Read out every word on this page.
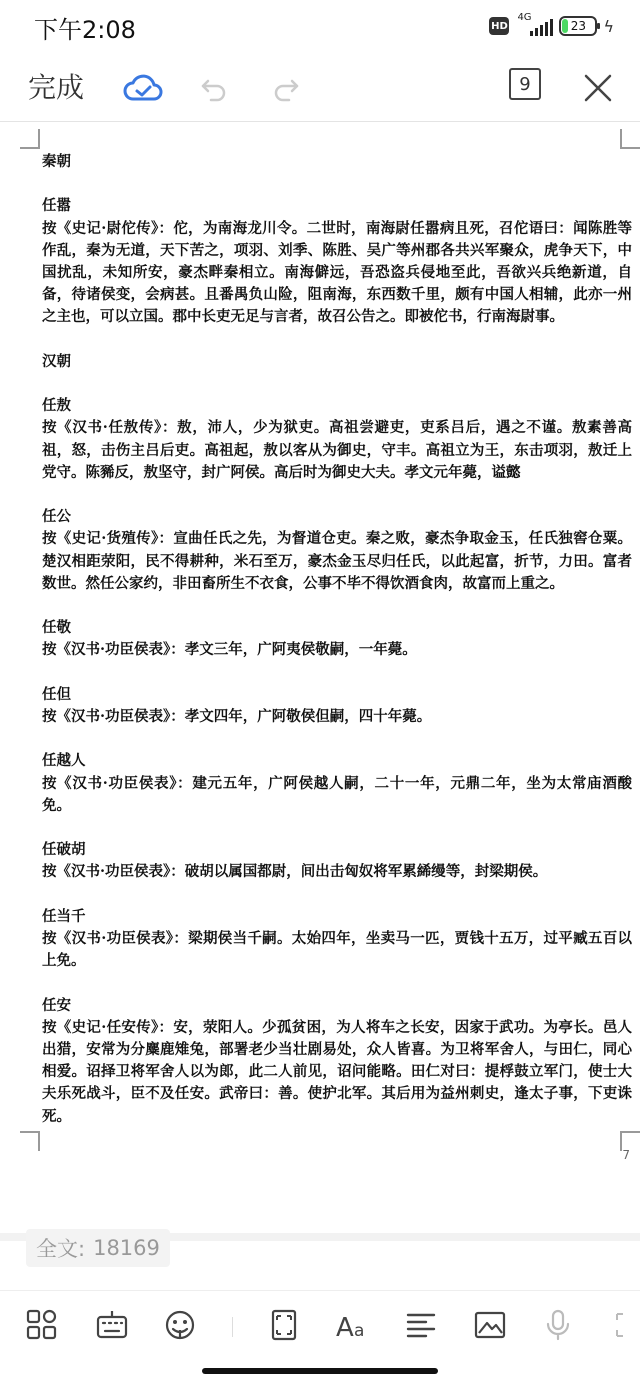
下午2:08	HD
4G
23 ϟ
完成	9
秦朝
任嚣
按《史记·尉佗传》：佗，为南海龙川令。二世时，南海尉任嚣病且死，召佗语曰：闻陈胜等作乱，秦为无道，天下苦之，项羽、刘季、陈胜、吴广等州郡各共兴军聚众，虎争天下，中国扰乱，未知所安，豪杰畔秦相立。南海僻远，吾恐盗兵侵地至此，吾欲兴兵绝新道，自备，待诸侯变，会病甚。且番禺负山险，阻南海，东西数千里，颇有中国人相辅，此亦一州之主也，可以立国。郡中长吏无足与言者，故召公告之。即被佗书，行南海尉事。
汉朝
任敖
按《汉书·任敖传》：敖，沛人，少为狱吏。高祖尝避吏，吏系吕后，遇之不谨。敖素善高祖，怒，击伤主吕后吏。高祖起，敖以客从为御史，守丰。高祖立为王，东击项羽，敖迁上党守。陈豨反，敖坚守，封广阿侯。高后时为御史大夫。孝文元年薨，谥懿
任公
按《史记·货殖传》：宣曲任氏之先，为督道仓吏。秦之败，豪杰争取金玉，任氏独窖仓粟。楚汉相距荥阳，民不得耕种，米石至万，豪杰金玉尽归任氏，以此起富，折节，力田。富者数世。然任公家约，非田畜所生不衣食，公事不毕不得饮酒食肉，故富而上重之。
任敬
按《汉书·功臣侯表》：孝文三年，广阿夷侯敬嗣，一年薨。
任但
按《汉书·功臣侯表》：孝文四年，广阿敬侯但嗣，四十年薨。
任越人
按《汉书·功臣侯表》：建元五年，广阿侯越人嗣，二十一年，元鼎二年，坐为太常庙酒酸免。
任破胡
按《汉书·功臣侯表》：破胡以属国都尉，间出击匈奴将军累絺缦等，封梁期侯。
任当千
按《汉书·功臣侯表》：梁期侯当千嗣。太始四年，坐卖马一匹，贾钱十五万，过平臧五百以上免。
任安
按《史记·任安传》：安，荥阳人。少孤贫困，为人将车之长安，因家于武功。为亭长。邑人出猎，安常为分麋鹿雉兔，部署老少当壮剧易处，众人皆喜。为卫将军舍人，与田仁，同心相爱。诏择卫将军舍人以为郎，此二人前见，诏问能略。田仁对曰：提桴鼓立军门，使士大夫乐死战斗，臣不及任安。武帝曰：善。使护北军。其后用为益州刺史，逢太子事，下吏诛死。
7
全文: 18169
A a
